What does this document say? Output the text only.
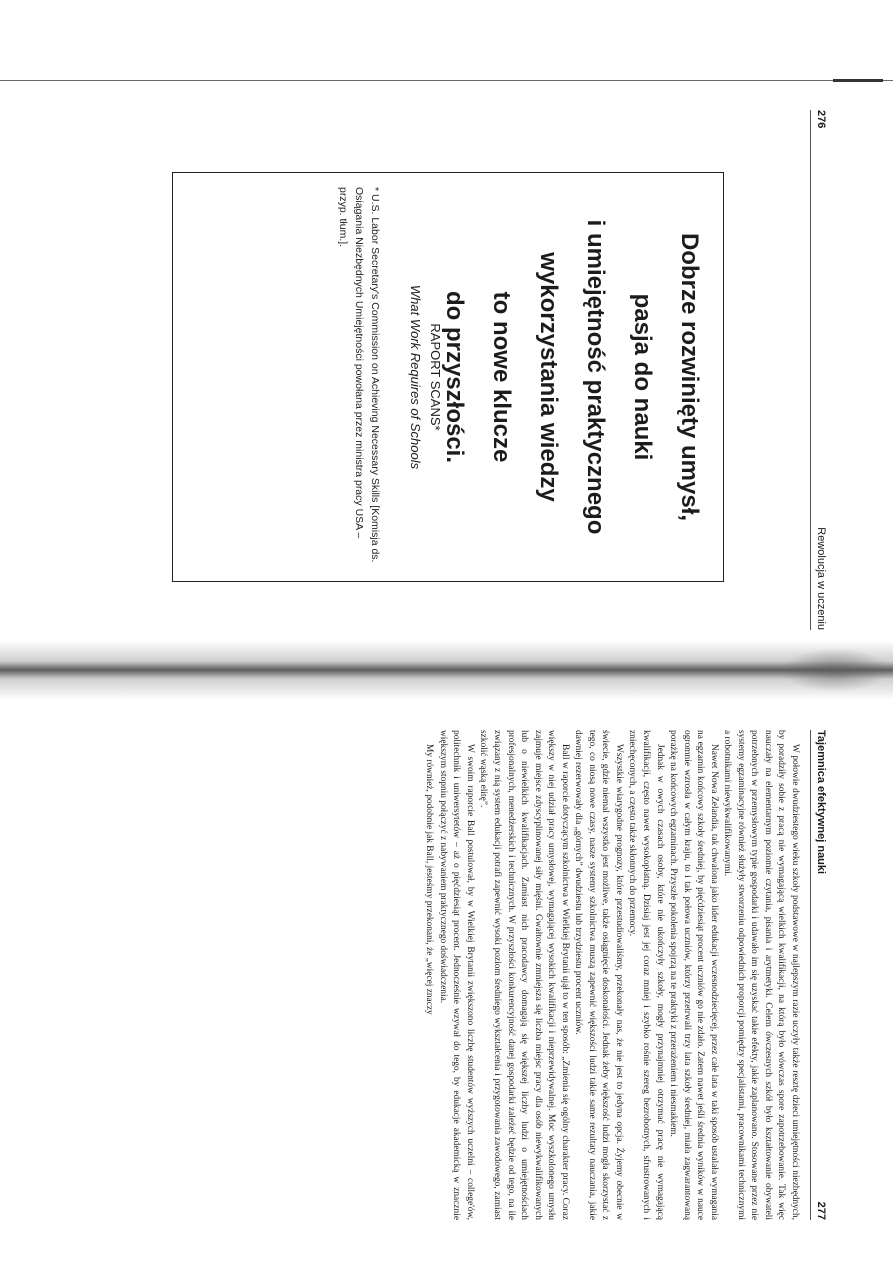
276
Rewolucja w uczeniu
Dobrze rozwinięty umysł,
pasja do nauki
i umiejętność praktycznego
wykorzystania wiedzy
to nowe klucze
do przyszłości.
RAPORT SCANS*
What Work Requires of Schools
* U.S. Labor Secretary's Commission on Achieving Necessary Skills [Komisja ds. Osiągania Niezbędnych Umiejętności powołana przez ministra pracy USA – przyp. tłum.].
Tajemnica efektywnej nauki
277

W połowie dwudziestego wieku szkoły podstawowe w najlepszym razie uczyły także resztę dzieci umiejętności niezbędnych, by poradziły sobie z pracą nie wymagającą wielkich kwalifikacji, na którą było wówczas spore zapotrzebowanie. Tak więc nauczały na elementarnym poziomie czytania, pisania i arytmetyki. Celem ówczesnych szkół było kształtowanie obywateli potrzebnych w przemysłowym typie gospodarki i udawało im się uzyskać takie efekty, jakie zaplanowano. Stosowane przez nie systemy egzaminacyjne również służyły stworzeniu odpowiednich proporcji pomiędzy specjalistami, pracownikami technicznymi a robotnikami niewykwalifikowanymi.

Nawet Nowa Zelandia, tak chwalona jako lider edukacji wczesnodziecięcej, przez całe lata w taki sposób ustalała wymagania na egzamin końcowy szkoły średniej, by pięćdziesiąt procent uczniów go nie zdało. Zatem nawet jeśli średnia wyników w nauce ogromnie wzrosła w całym kraju, to i tak połowa uczniów, którzy przetrwali trzy lata szkoły średniej, miała zagwarantowaną porażkę na końcowych egzaminach. Przyszłe pokolenia spojrzą na te praktyki z przerażeniem i niesmakiem.

Jednak w owych czasach osoby, które nie ukończyły szkoły, mogły przynajmniej otrzymać pracę nie wymagającą kwalifikacji, często nawet wysokopłatną. Dzisiaj jest jej coraz mniej i szybko rośnie szereg bezrobotnych, sfrustrowanych i zniechęconych, a często także skłonnych do przemocy.

Wszystkie wiarygodne prognozy, które przestudiowaliśmy, przekonały nas, że nie jest to jedyna opcja. Żyjemy obecnie w świecie, gdzie niemal wszystko jest możliwe, także osiągnięcie doskonałości. Jednak żeby większość ludzi mogła skorzystać z tego, co niosą nowe czasy, nasze systemy szkolnictwa muszą zapewnić większości ludzi takie same rezultaty nauczania, jakie dawniej rezerwowały dla „górnych” dwudziestu lub trzydziestu procent uczniów.

Ball w raporcie dotyczącym szkolnictwa w Wielkiej Brytanii ujął to w ten sposób: „Zmienia się ogólny charakter pracy. Coraz większy w niej udział pracy umysłowej, wymagającej wysokich kwalifikacji i nieprzewidywalnej. Moc wyszkolonego umysłu zajmuje miejsce zdyscyplinowanej siły mięśni. Gwałtownie zmniejsza się liczba miejsc pracy dla osób niewykwalifikowanych lub o niewielkich kwalifikacjach. Zamiast nich pracodawcy domagają się większej liczby ludzi o umiejętnościach profesjonalnych, menedżerskich i technicznych. W przyszłości konkurencyjność danej gospodarki zależeć będzie od tego, na ile związany z nią system edukacji potrafi zapewnić wysoki poziom średniego wykształcenia i przygotowania zawodowego, zamiast szkolić wąską elitę”.

W swoim raporcie Ball postulował, by w Wielkiej Brytanii zwiększono liczbę studentów wyższych uczelni – college'ów, politechnik i uniwersytetów – aż o pięćdziesiąt procent. Jednocześnie wzywał do tego, by edukacje akademicką w znacznie większym stopniu połączyć z nabywaniem praktycznego doświadczenia.

My również, podobnie jak Ball, jesteśmy przekonani, że „więcej znaczy
